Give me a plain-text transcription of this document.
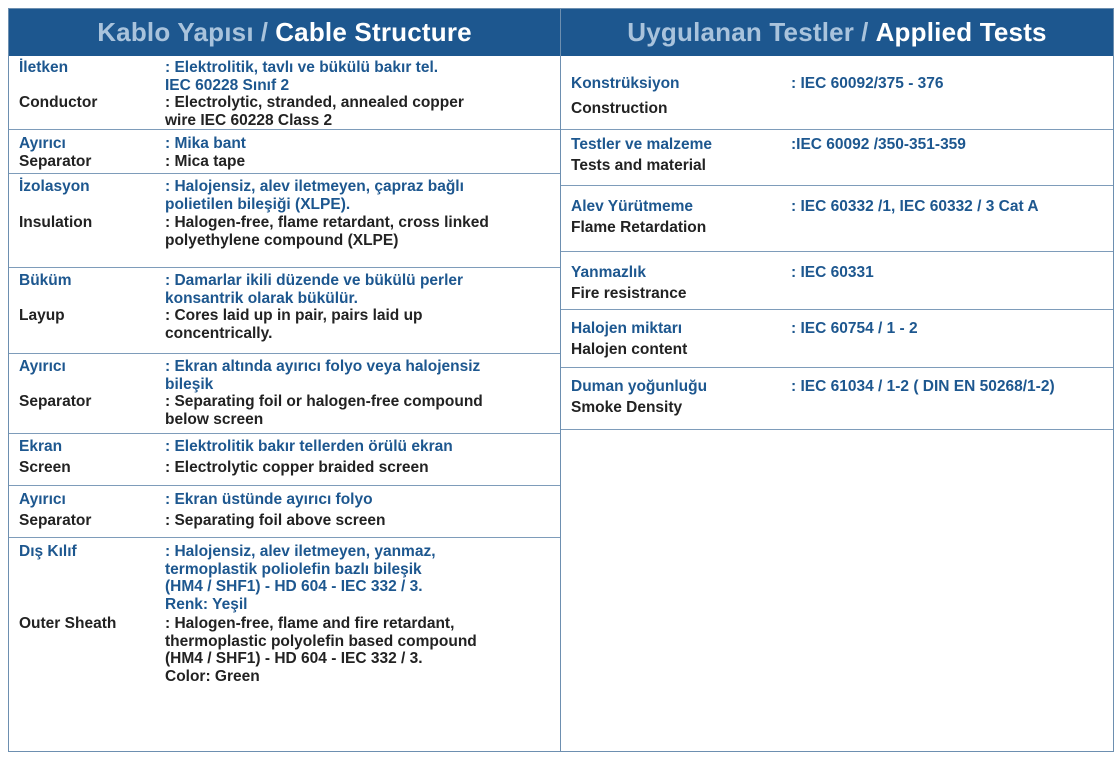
Kablo Yapısı / Cable Structure
İletken	: Elektrolitik, tavlı ve bükülü bakır tel.
IEC 60228 Sınıf 2
Conductor	: Electrolytic, stranded, annealed copper
wire IEC 60228 Class 2
Ayırıcı	: Mika bant
Separator	: Mica tape
İzolasyon	: Halojensiz, alev iletmeyen, çapraz bağlı
polietilen bileşiği (XLPE).
Insulation	: Halogen-free, flame retardant, cross linked
polyethylene compound (XLPE)
Büküm	: Damarlar ikili düzende ve bükülü perler
konsantrik olarak bükülür.
Layup	: Cores laid up in pair, pairs laid up
concentrically.
Ayırıcı	: Ekran altında ayırıcı folyo veya halojensiz
bileşik
Separator	: Separating foil or halogen-free compound
below screen
Ekran	: Elektrolitik bakır tellerden örülü ekran
Screen	: Electrolytic copper braided screen
Ayırıcı	: Ekran üstünde ayırıcı folyo
Separator	: Separating foil above screen
Dış Kılıf	: Halojensiz, alev iletmeyen, yanmaz,
termoplastik poliolefin bazlı bileşik
(HM4 / SHF1) - HD 604 - IEC 332 / 3.
Renk: Yeşil
Outer Sheath	: Halogen-free, flame and fire retardant,
thermoplastic polyolefin based compound
(HM4 / SHF1) - HD 604 - IEC 332 / 3.
Color: Green
Uygulanan Testler / Applied Tests
Konstrüksiyon	: IEC 60092/375 - 376
Construction
Testler ve malzeme	:IEC 60092 /350-351-359
Tests and material
Alev Yürütmeme	: IEC 60332 /1, IEC 60332 / 3 Cat A
Flame Retardation
Yanmazlık	: IEC 60331
Fire resistrance
Halojen miktarı	: IEC 60754 / 1 - 2
Halojen content
Duman yoğunluğu	: IEC 61034 / 1-2 ( DIN EN 50268/1-2)
Smoke Density
